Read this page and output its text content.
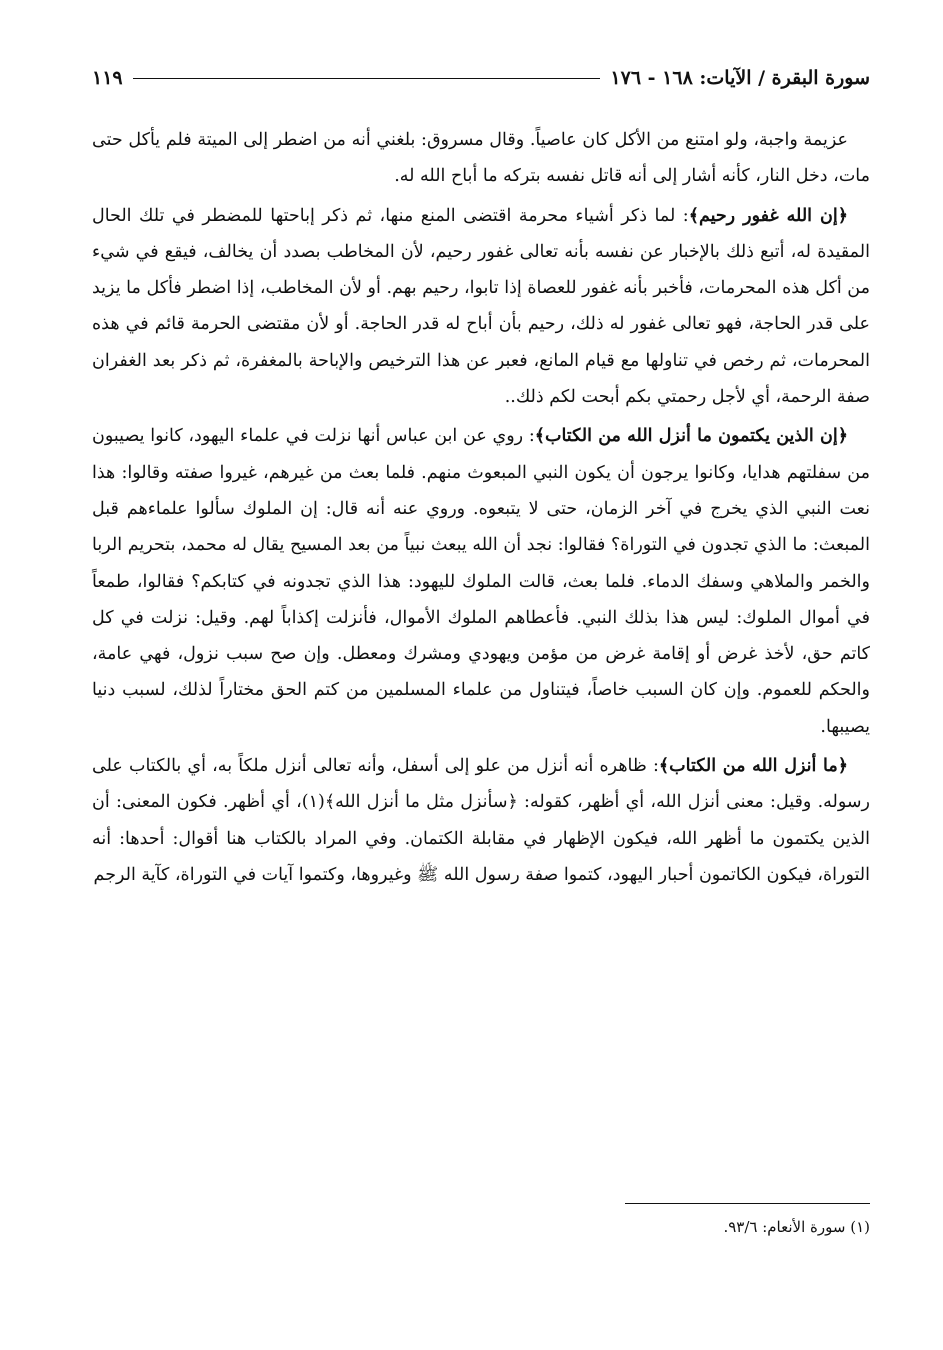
١١٩	سورة البقرة / الآيات: ١٦٨ - ١٧٦

عزيمة واجبة، ولو امتنع من الأكل كان عاصياً. وقال مسروق: بلغني أنه من اضطر إلى الميتة فلم يأكل حتى مات، دخل النار، كأنه أشار إلى أنه قاتل نفسه بتركه ما أباح الله له.

﴿إن الله غفور رحيم﴾: لما ذكر أشياء محرمة اقتضى المنع منها، ثم ذكر إباحتها للمضطر في تلك الحال المقيدة له، أتبع ذلك بالإخبار عن نفسه بأنه تعالى غفور رحيم، لأن المخاطب بصدد أن يخالف، فيقع في شيء من أكل هذه المحرمات، فأخبر بأنه غفور للعصاة إذا تابوا، رحيم بهم. أو لأن المخاطب، إذا اضطر فأكل ما يزيد على قدر الحاجة، فهو تعالى غفور له ذلك، رحيم بأن أباح له قدر الحاجة. أو لأن مقتضى الحرمة قائم في هذه المحرمات، ثم رخص في تناولها مع قيام المانع، فعبر عن هذا الترخيص والإباحة بالمغفرة، ثم ذكر بعد الغفران صفة الرحمة، أي لأجل رحمتي بكم أبحت لكم ذلك..

﴿إن الذين يكتمون ما أنزل الله من الكتاب﴾: روي عن ابن عباس أنها نزلت في علماء اليهود، كانوا يصيبون من سفلتهم هدايا، وكانوا يرجون أن يكون النبي المبعوث منهم. فلما بعث من غيرهم، غيروا صفته وقالوا: هذا نعت النبي الذي يخرج في آخر الزمان، حتى لا يتبعوه. وروي عنه أنه قال: إن الملوك سألوا علماءهم قبل المبعث: ما الذي تجدون في التوراة؟ فقالوا: نجد أن الله يبعث نبياً من بعد المسيح يقال له محمد، بتحريم الربا والخمر والملاهي وسفك الدماء. فلما بعث، قالت الملوك لليهود: هذا الذي تجدونه في كتابكم؟ فقالوا، طمعاً في أموال الملوك: ليس هذا بذلك النبي. فأعطاهم الملوك الأموال، فأنزلت إكذاباً لهم. وقيل: نزلت في كل كاتم حق، لأخذ غرض أو إقامة غرض من مؤمن ويهودي ومشرك ومعطل. وإن صح سبب نزول، فهي عامة، والحكم للعموم. وإن كان السبب خاصاً، فيتناول من علماء المسلمين من كتم الحق مختاراً لذلك، لسبب دنيا يصيبها.

﴿ما أنزل الله من الكتاب﴾: ظاهره أنه أنزل من علو إلى أسفل، وأنه تعالى أنزل ملكاً به، أي بالكتاب على رسوله. وقيل: معنى أنزل الله، أي أظهر، كقوله: ﴿سأنزل مثل ما أنزل الله﴾(١)، أي أظهر. فكون المعنى: أن الذين يكتمون ما أظهر الله، فيكون الإظهار في مقابلة الكتمان. وفي المراد بالكتاب هنا أقوال: أحدها: أنه التوراة، فيكون الكاتمون أحبار اليهود، كتموا صفة رسول الله ﷺ وغيروها، وكتموا آيات في التوراة، كآية الرجم

(١) سورة الأنعام: ٩٣/٦.
